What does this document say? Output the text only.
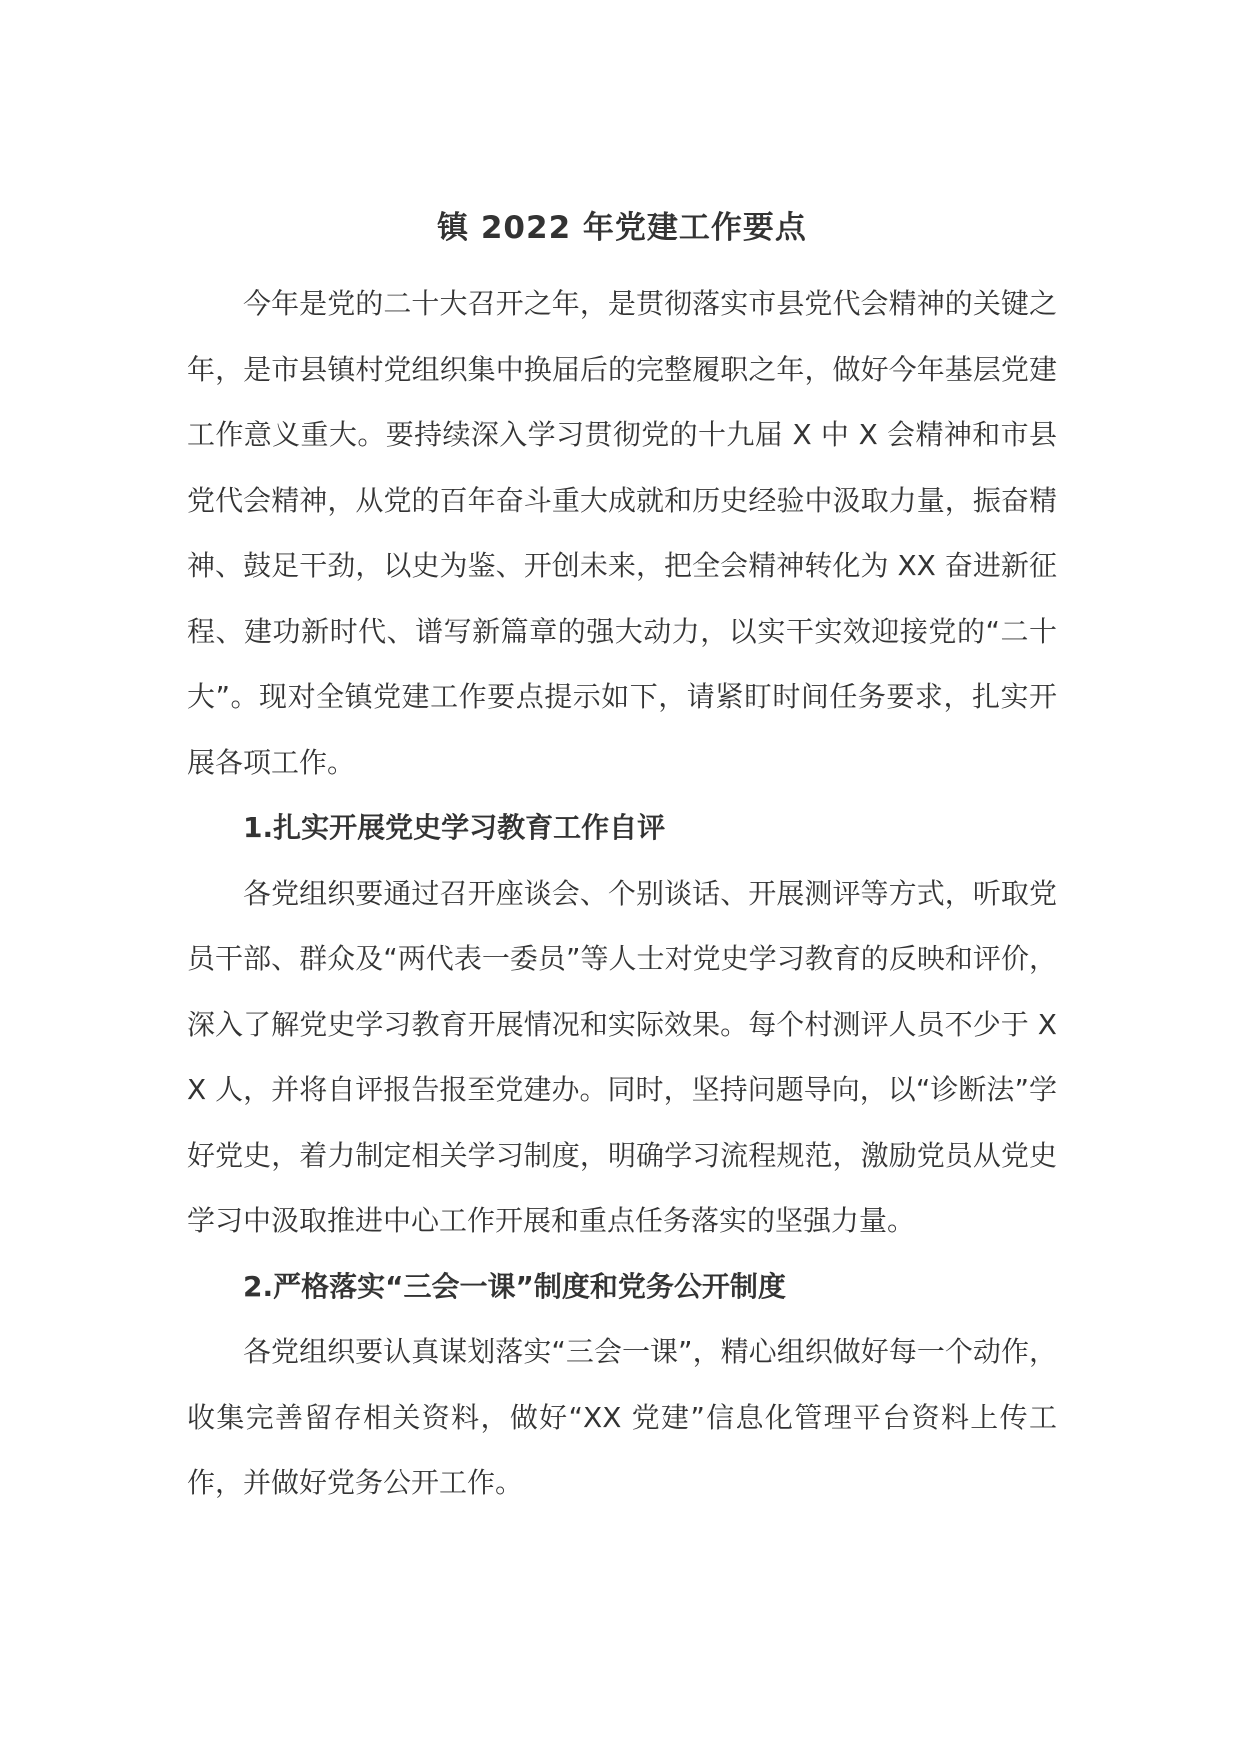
镇 2022 年党建工作要点

今年是党的二十大召开之年，是贯彻落实市县党代会精神的关键之年，是市县镇村党组织集中换届后的完整履职之年，做好今年基层党建工作意义重大。要持续深入学习贯彻党的十九届 X 中 X 会精神和市县党代会精神，从党的百年奋斗重大成就和历史经验中汲取力量，振奋精神、鼓足干劲，以史为鉴、开创未来，把全会精神转化为 XX 奋进新征程、建功新时代、谱写新篇章的强大动力，以实干实效迎接党的“二十大”。现对全镇党建工作要点提示如下，请紧盯时间任务要求，扎实开展各项工作。

1.扎实开展党史学习教育工作自评

各党组织要通过召开座谈会、个别谈话、开展测评等方式，听取党员干部、群众及“两代表一委员”等人士对党史学习教育的反映和评价，深入了解党史学习教育开展情况和实际效果。每个村测评人员不少于 XX 人，并将自评报告报至党建办。同时，坚持问题导向，以“诊断法”学好党史，着力制定相关学习制度，明确学习流程规范，激励党员从党史学习中汲取推进中心工作开展和重点任务落实的坚强力量。

2.严格落实“三会一课”制度和党务公开制度

各党组织要认真谋划落实“三会一课”，精心组织做好每一个动作，收集完善留存相关资料，做好“XX 党建”信息化管理平台资料上传工作，并做好党务公开工作。
